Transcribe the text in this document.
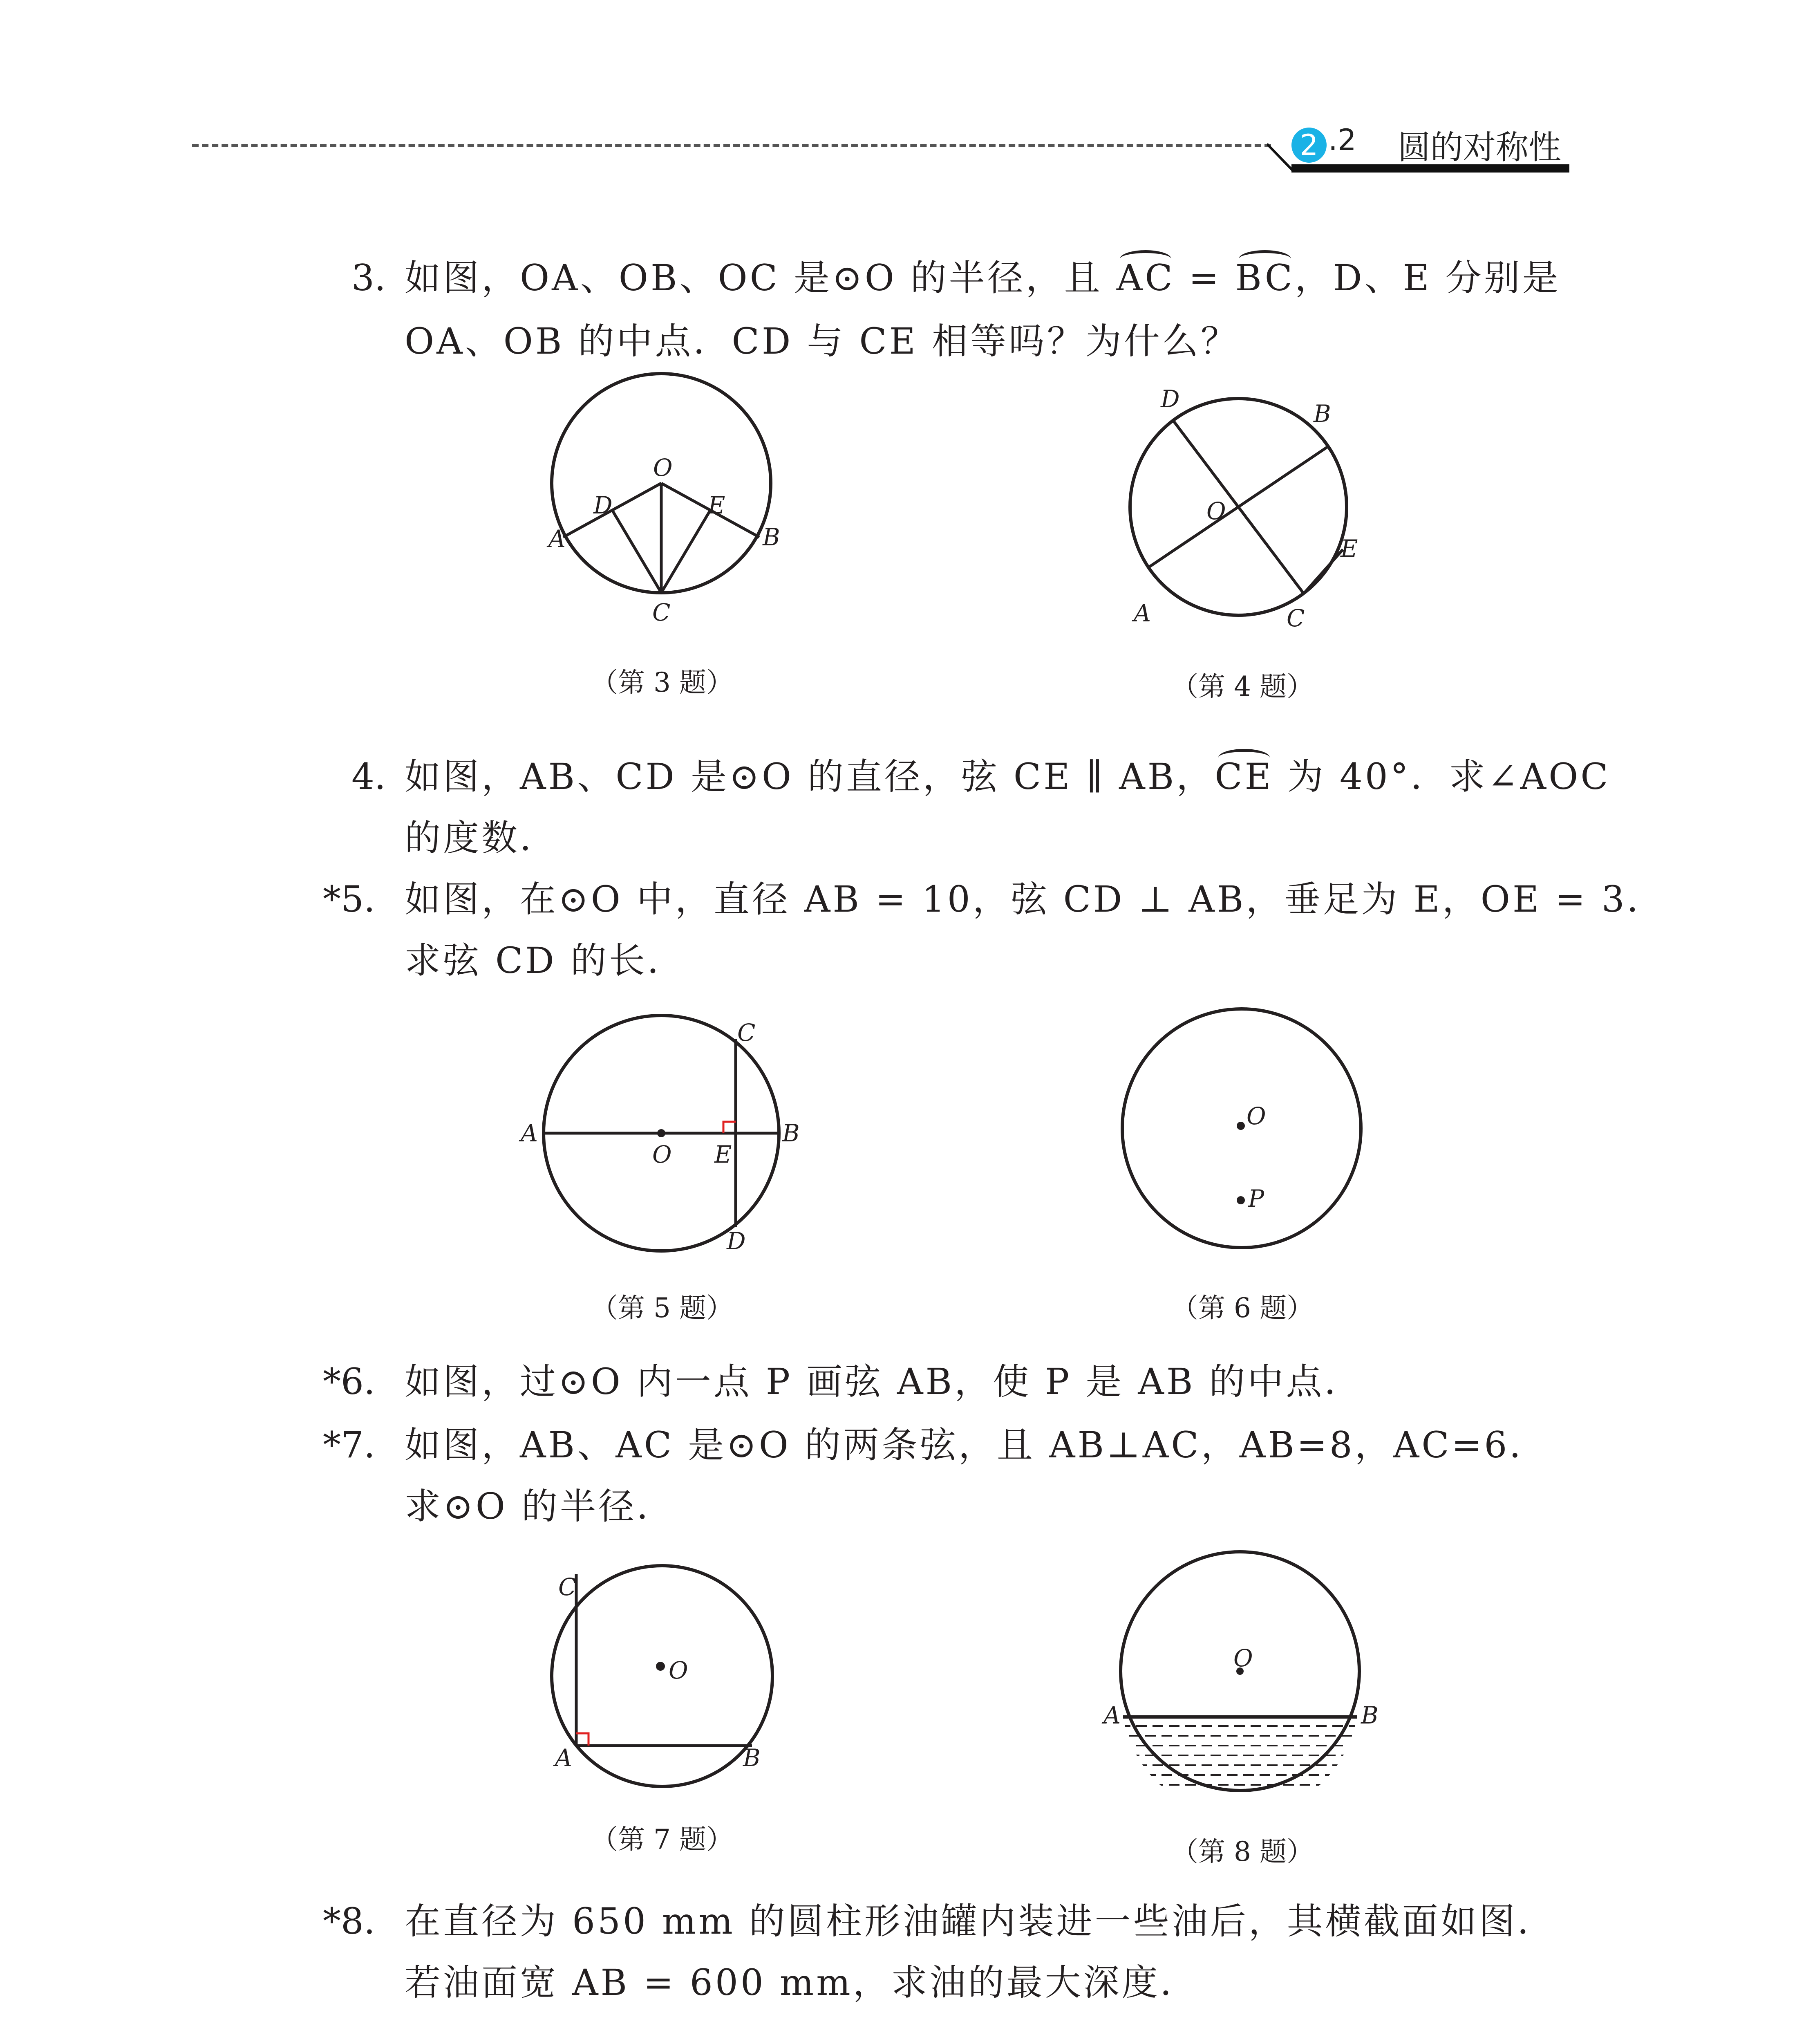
2 .2 圆的对称性
3. 如图，OA、OB、OC 是⊙O 的半径，且 AC = BC，D、E 分别是
OA、OB 的中点．CD 与 CE 相等吗？为什么？
O
D	E
A	B
C
（第 3 题）
D
B
O
E
A	C
（第 4 题）
4. 如图，AB、CD 是⊙O 的直径，弦 CE ∥ AB，CE 为 40°．求∠AOC
的度数．
*5. 如图，在⊙O 中，直径 AB = 10，弦 CD ⊥ AB，垂足为 E，OE = 3．
求弦 CD 的长．
A	B
O E
C
D
（第 5 题）
O
P
（第 6 题）
*6. 如图，过⊙O 内一点 P 画弦 AB，使 P 是 AB 的中点．
*7. 如图，AB、AC 是⊙O 的两条弦，且 AB⊥AC，AB=8，AC=6．
求⊙O 的半径．
C
O
A	B
（第 7 题）
O
A	B
（第 8 题）
*8. 在直径为 650 mm 的圆柱形油罐内装进一些油后，其横截面如图．
若油面宽 AB = 600 mm，求油的最大深度．
